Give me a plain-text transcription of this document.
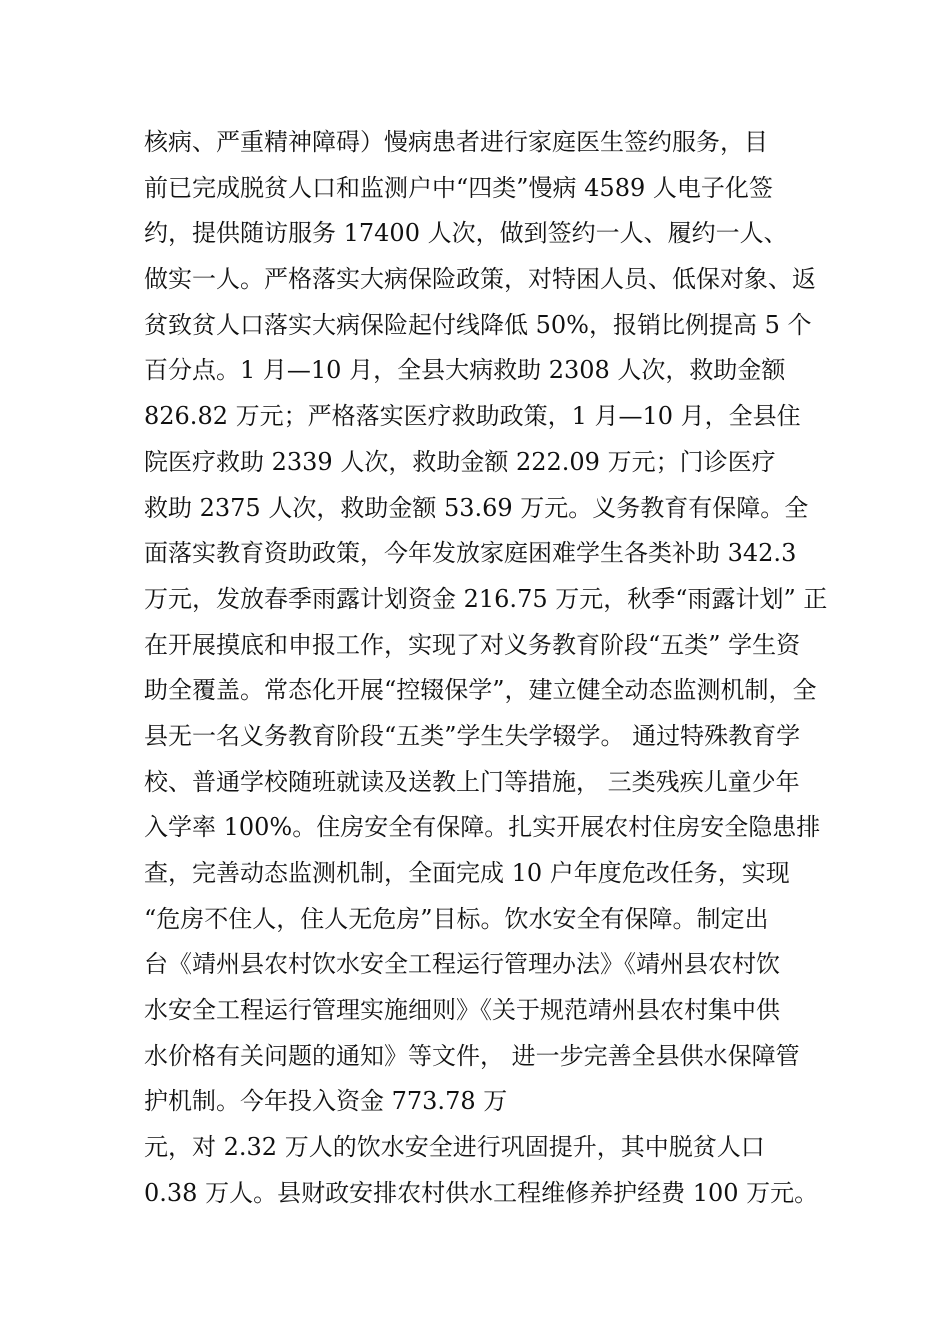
核病、严重精神障碍）慢病患者进行家庭医生签约服务，目
前已完成脱贫人口和监测户中“四类”慢病 4589 人电子化签
约，提供随访服务 17400 人次，做到签约一人、履约一人、
做实一人。严格落实大病保险政策，对特困人员、低保对象、返
贫致贫人口落实大病保险起付线降低 50%，报销比例提高 5 个
百分点。1 月—10 月，全县大病救助 2308 人次，救助金额
826.82 万元；严格落实医疗救助政策，1 月—10 月，全县住
院医疗救助 2339 人次，救助金额 222.09 万元；门诊医疗
救助 2375 人次，救助金额 53.69 万元。义务教育有保障。全
面落实教育资助政策，今年发放家庭困难学生各类补助 342.3
万元，发放春季雨露计划资金 216.75 万元，秋季“雨露计划” 正
在开展摸底和申报工作，实现了对义务教育阶段“五类” 学生资
助全覆盖。常态化开展“控辍保学”，建立健全动态监测机制，全
县无一名义务教育阶段“五类”学生失学辍学。 通过特殊教育学
校、普通学校随班就读及送教上门等措施， 三类残疾儿童少年
入学率 100%。住房安全有保障。扎实开展农村住房安全隐患排
查，完善动态监测机制，全面完成 10 户年度危改任务，实现
“危房不住人，住人无危房”目标。饮水安全有保障。制定出
台《靖州县农村饮水安全工程运行管理办法》《靖州县农村饮
水安全工程运行管理实施细则》《关于规范靖州县农村集中供
水价格有关问题的通知》等文件， 进一步完善全县供水保障管
护机制。今年投入资金 773.78 万
元，对 2.32 万人的饮水安全进行巩固提升，其中脱贫人口
0.38 万人。县财政安排农村供水工程维修养护经费 100 万元。
